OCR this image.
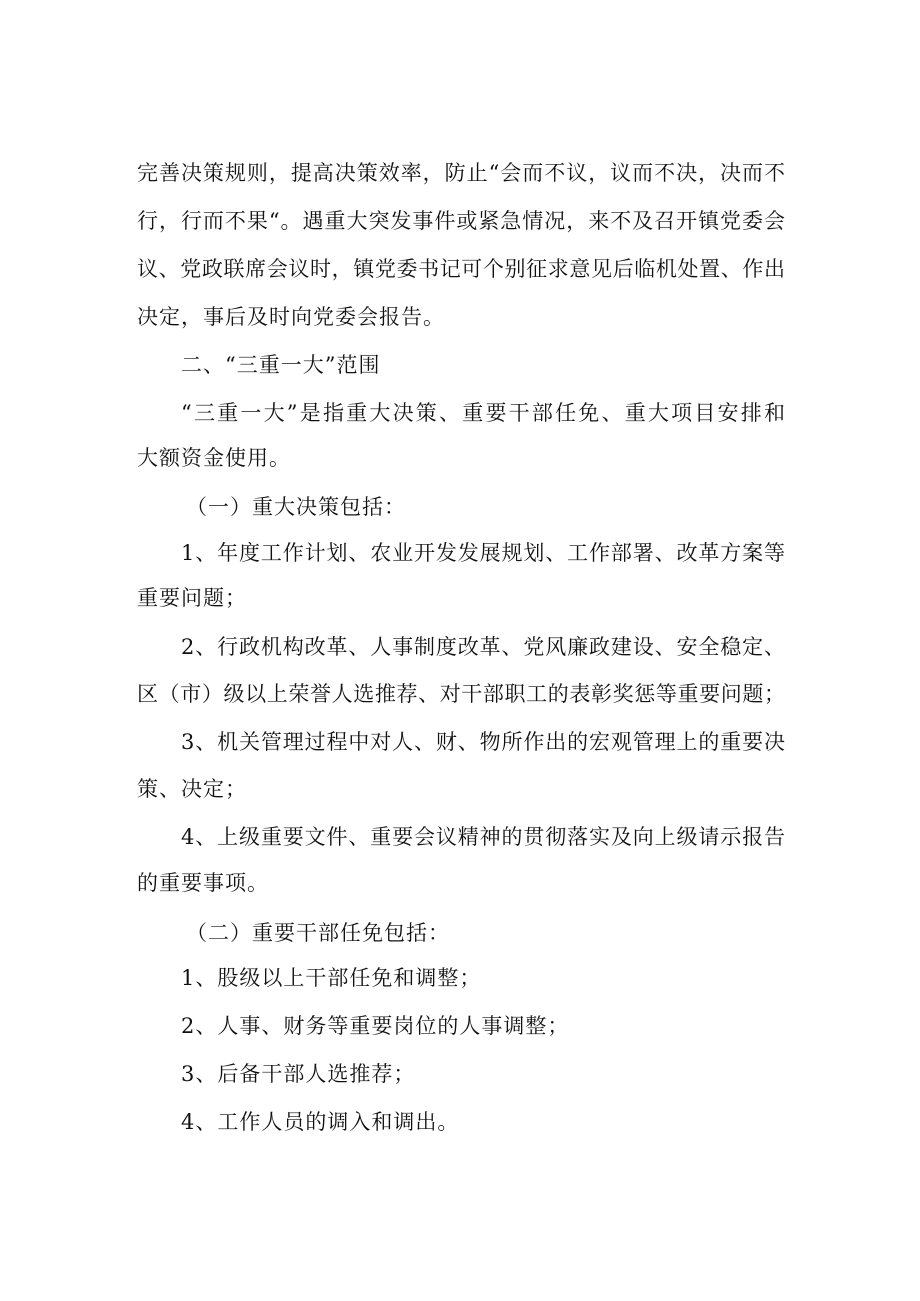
完善决策规则，提高决策效率，防止“会而不议，议而不决，决而不
行，行而不果“。遇重大突发事件或紧急情况，来不及召开镇党委会
议、党政联席会议时，镇党委书记可个别征求意见后临机处置、作出
决定，事后及时向党委会报告。
二、“三重一大”范围
“三重一大”是指重大决策、重要干部任免、重大项目安排和
大额资金使用。
（一）重大决策包括：
1、年度工作计划、农业开发发展规划、工作部署、改革方案等
重要问题；
2、行政机构改革、人事制度改革、党风廉政建设、安全稳定、
区（市）级以上荣誉人选推荐、对干部职工的表彰奖惩等重要问题；
3、机关管理过程中对人、财、物所作出的宏观管理上的重要决
策、决定；
4、上级重要文件、重要会议精神的贯彻落实及向上级请示报告
的重要事项。
（二）重要干部任免包括：
1、股级以上干部任免和调整；
2、人事、财务等重要岗位的人事调整；
3、后备干部人选推荐；
4、工作人员的调入和调出。
